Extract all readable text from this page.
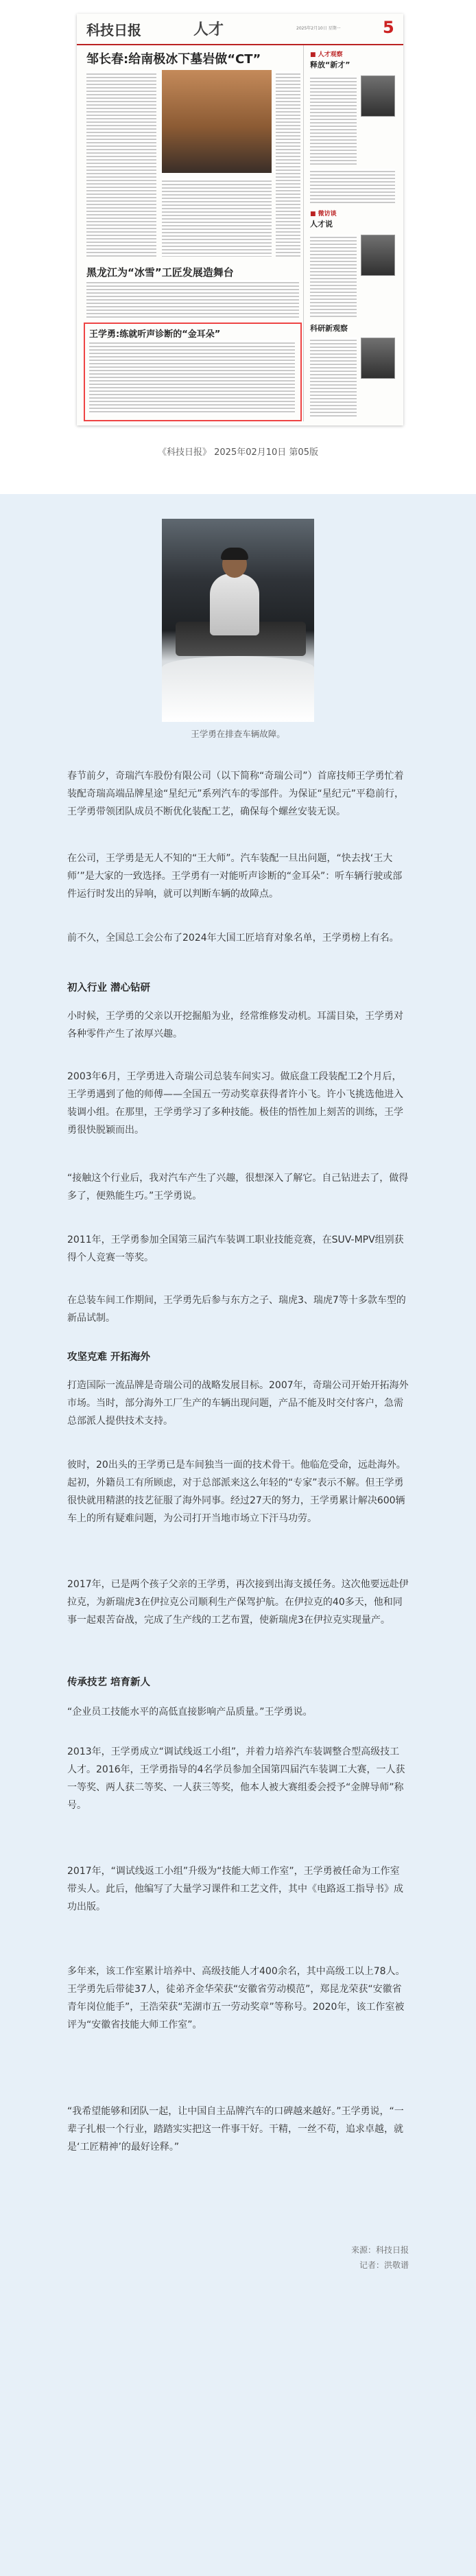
科技日报	人才	2025年2月10日 星期一	5
邹长春:给南极冰下墓岩做“CT”
黑龙江为“冰雪”工匠发展造舞台
王学勇:练就听声诊断的“金耳朵”
■ 人才观察
释放“新才”
■ 微访谈
人才说
科研新观察
《科技日报》 2025年02月10日 第05版
王学勇在排查车辆故障。

春节前夕，奇瑞汽车股份有限公司（以下简称“奇瑞公司”）首席技师王学勇忙着装配奇瑞高端品牌星途“星纪元”系列汽车的零部件。为保证“星纪元”平稳前行，王学勇带领团队成员不断优化装配工艺，确保每个螺丝安装无误。

在公司，王学勇是无人不知的“王大师”。汽车装配一旦出问题，“快去找‘王大师’”是大家的一致选择。王学勇有一对能听声诊断的“金耳朵”：听车辆行驶或部件运行时发出的异响，就可以判断车辆的故障点。

前不久，全国总工会公布了2024年大国工匠培育对象名单，王学勇榜上有名。

初入行业 潜心钻研

小时候，王学勇的父亲以开挖掘船为业，经常维修发动机。耳濡目染，王学勇对各种零件产生了浓厚兴趣。

2003年6月，王学勇进入奇瑞公司总装车间实习。做底盘工段装配工2个月后，王学勇遇到了他的师傅——全国五一劳动奖章获得者许小飞。许小飞挑选他进入装调小组。在那里，王学勇学习了多种技能。极佳的悟性加上刻苦的训练，王学勇很快脱颖而出。

“接触这个行业后，我对汽车产生了兴趣，很想深入了解它。自己钻进去了，做得多了，便熟能生巧。”王学勇说。

2011年，王学勇参加全国第三届汽车装调工职业技能竞赛，在SUV-MPV组别获得个人竞赛一等奖。

在总装车间工作期间，王学勇先后参与东方之子、瑞虎3、瑞虎7等十多款车型的新品试制。

攻坚克难 开拓海外

打造国际一流品牌是奇瑞公司的战略发展目标。2007年，奇瑞公司开始开拓海外市场。当时，部分海外工厂生产的车辆出现问题，产品不能及时交付客户，急需总部派人提供技术支持。

彼时，20出头的王学勇已是车间独当一面的技术骨干。他临危受命，远赴海外。起初，外籍员工有所顾虑，对于总部派来这么年轻的“专家”表示不解。但王学勇很快就用精湛的技艺征服了海外同事。经过27天的努力，王学勇累计解决600辆车上的所有疑难问题，为公司打开当地市场立下汗马功劳。

2017年，已是两个孩子父亲的王学勇，再次接到出海支援任务。这次他要远赴伊拉克，为新瑞虎3在伊拉克公司顺利生产保驾护航。在伊拉克的40多天，他和同事一起艰苦奋战，完成了生产线的工艺布置，使新瑞虎3在伊拉克实现量产。

传承技艺 培育新人

“企业员工技能水平的高低直接影响产品质量。”王学勇说。

2013年，王学勇成立“调试线返工小组”，并着力培养汽车装调整合型高级技工人才。2016年，王学勇指导的4名学员参加全国第四届汽车装调工大赛，一人获一等奖、两人获二等奖、一人获三等奖，他本人被大赛组委会授予“金牌导师”称号。

2017年，“调试线返工小组”升级为“技能大师工作室”，王学勇被任命为工作室带头人。此后，他编写了大量学习课件和工艺文件，其中《电路返工指导书》成功出版。

多年来，该工作室累计培养中、高级技能人才400余名，其中高级工以上78人。王学勇先后带徒37人，徒弟齐金华荣获“安徽省劳动模范”，郑昆龙荣获“安徽省青年岗位能手”，王浩荣获“芜湖市五一劳动奖章”等称号。2020年，该工作室被评为“安徽省技能大师工作室”。

“我希望能够和团队一起，让中国自主品牌汽车的口碑越来越好。”王学勇说，“一辈子扎根一个行业，踏踏实实把这一件事干好。干精，一丝不苟，追求卓越，就是‘工匠精神’的最好诠释。”

来源：科技日报
记者：洪敬谱
